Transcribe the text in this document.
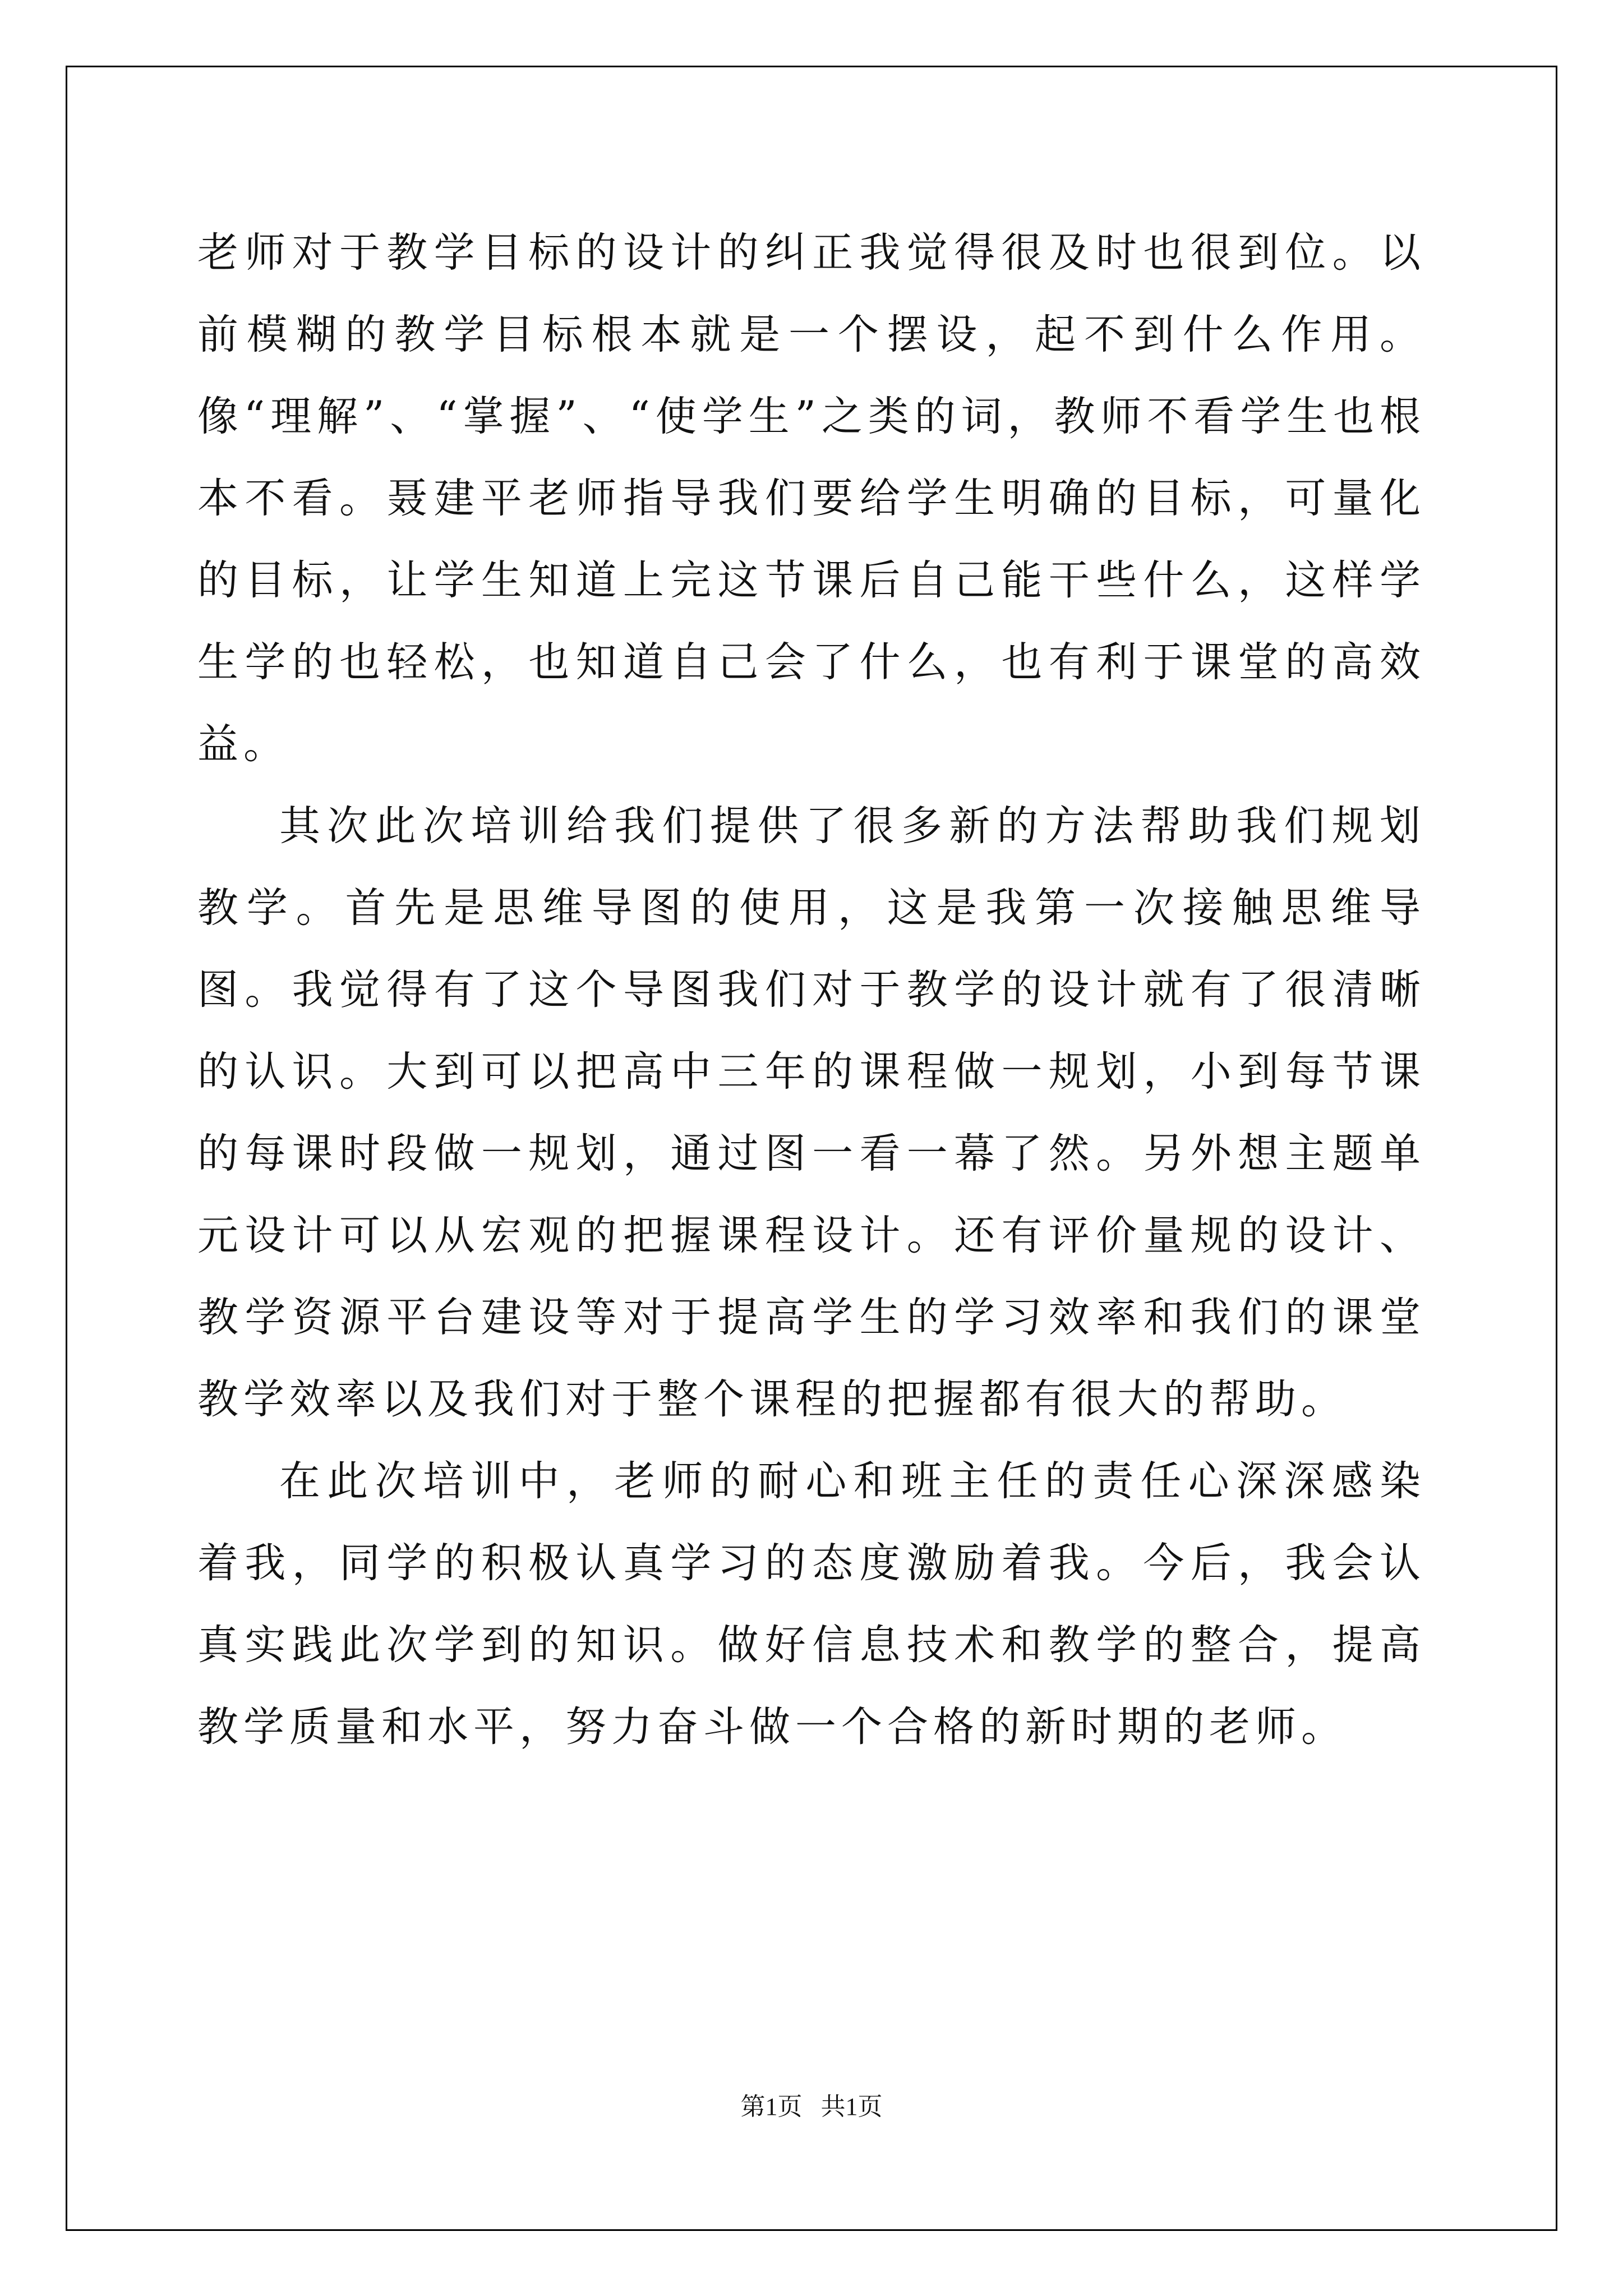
老师对于教学目标的设计的纠正我觉得很及时也很到位。以前模糊的教学目标根本就是一个摆设，起不到什么作用。像“理解”、“掌握”、“使学生”之类的词，教师不看学生也根本不看。聂建平老师指导我们要给学生明确的目标，可量化的目标，让学生知道上完这节课后自己能干些什么，这样学生学的也轻松，也知道自己会了什么，也有利于课堂的高效益。

其次此次培训给我们提供了很多新的方法帮助我们规划教学。首先是思维导图的使用，这是我第一次接触思维导图。我觉得有了这个导图我们对于教学的设计就有了很清晰的认识。大到可以把高中三年的课程做一规划，小到每节课的每课时段做一规划，通过图一看一幕了然。另外想主题单元设计可以从宏观的把握课程设计。还有评价量规的设计、教学资源平台建设等对于提高学生的学习效率和我们的课堂教学效率以及我们对于整个课程的把握都有很大的帮助。

在此次培训中，老师的耐心和班主任的责任心深深感染着我，同学的积极认真学习的态度激励着我。今后，我会认真实践此次学到的知识。做好信息技术和教学的整合，提高教学质量和水平，努力奋斗做一个合格的新时期的老师。

第1页   共1页
